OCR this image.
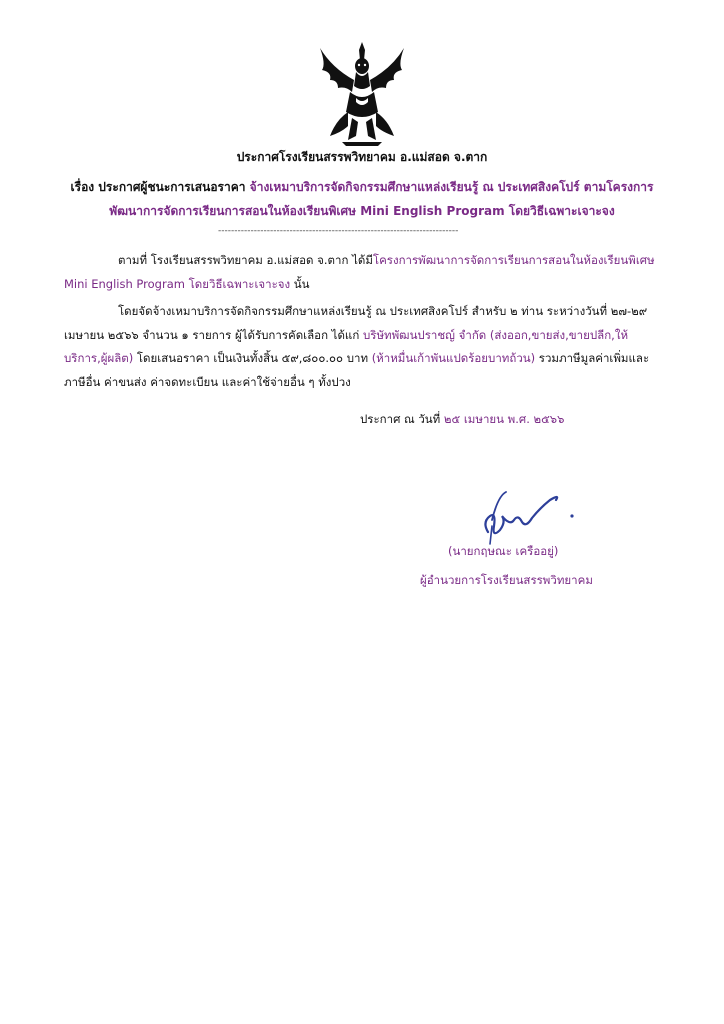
ประกาศโรงเรียนสรรพวิทยาคม อ.แม่สอด จ.ตาก
เรื่อง ประกาศผู้ชนะการเสนอราคา จ้างเหมาบริการจัดกิจกรรมศึกษาแหล่งเรียนรู้ ณ ประเทศสิงคโปร์ ตามโครงการพัฒนาการจัดการเรียนการสอนในห้องเรียนพิเศษ Mini English Program โดยวิธีเฉพาะเจาะจง
--------------------------------------------------------------------------

ตามที่ โรงเรียนสรรพวิทยาคม อ.แม่สอด จ.ตาก ได้มีโครงการพัฒนาการจัดการเรียนการสอนในห้องเรียนพิเศษ Mini English Program โดยวิธีเฉพาะเจาะจง นั้น

โดยจัดจ้างเหมาบริการจัดกิจกรรมศึกษาแหล่งเรียนรู้ ณ ประเทศสิงคโปร์ สำหรับ ๒ ท่าน ระหว่างวันที่ ๒๗-๒๙ เมษายน ๒๕๖๖ จำนวน ๑ รายการ ผู้ได้รับการคัดเลือก ได้แก่ บริษัทพัฒนปราชญ์ จำกัด (ส่งออก,ขายส่ง,ขายปลีก,ให้บริการ,ผู้ผลิต) โดยเสนอราคา เป็นเงินทั้งสิ้น ๕๙,๘๐๐.๐๐ บาท (ห้าหมื่นเก้าพันแปดร้อยบาทถ้วน) รวมภาษีมูลค่าเพิ่มและภาษีอื่น ค่าขนส่ง ค่าจดทะเบียน และค่าใช้จ่ายอื่น ๆ ทั้งปวง

ประกาศ ณ วันที่ ๒๕ เมษายน พ.ศ. ๒๕๖๖
(นายกฤษณะ เครืออยู่)
ผู้อำนวยการโรงเรียนสรรพวิทยาคม
